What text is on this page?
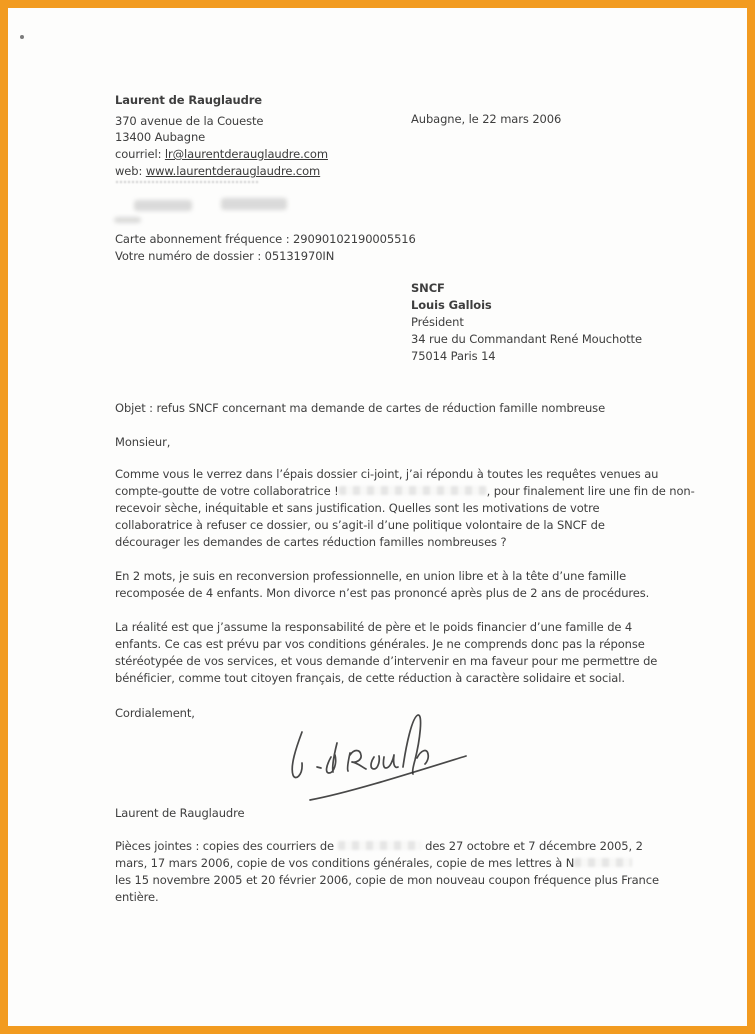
Laurent de Rauglaudre
370 avenue de la Coueste	Aubagne, le 22 mars 2006
13400 Aubagne
courriel: lr@laurentderauglaudre.com
web: www.laurentderauglaudre.com
Carte abonnement fréquence : 29090102190005516
Votre numéro de dossier : 05131970IN
SNCF
Louis Gallois
Président
34 rue du Commandant René Mouchotte
75014 Paris 14
Objet : refus SNCF concernant ma demande de cartes de réduction famille nombreuse
Monsieur,
Comme vous le verrez dans l’épais dossier ci-joint, j’ai répondu à toutes les requêtes venues au
compte-goutte de votre collaboratrice !	, pour finalement lire une fin de non-
recevoir sèche, inéquitable et sans justification. Quelles sont les motivations de votre
collaboratrice à refuser ce dossier, ou s’agit-il d’une politique volontaire de la SNCF de
décourager les demandes de cartes réduction familles nombreuses ?
En 2 mots, je suis en reconversion professionnelle, en union libre et à la tête d’une famille
recomposée de 4 enfants. Mon divorce n’est pas prononcé après plus de 2 ans de procédures.
La réalité est que j’assume la responsabilité de père et le poids financier d’une famille de 4
enfants. Ce cas est prévu par vos conditions générales. Je ne comprends donc pas la réponse
stéréotypée de vos services, et vous demande d’intervenir en ma faveur pour me permettre de
bénéficier, comme tout citoyen français, de cette réduction à caractère solidaire et social.
Cordialement,
Laurent de Rauglaudre
Pièces jointes : copies des courriers de	des 27 octobre et 7 décembre 2005, 2
mars, 17 mars 2006, copie de vos conditions générales, copie de mes lettres à N
les 15 novembre 2005 et 20 février 2006, copie de mon nouveau coupon fréquence plus France
entière.
